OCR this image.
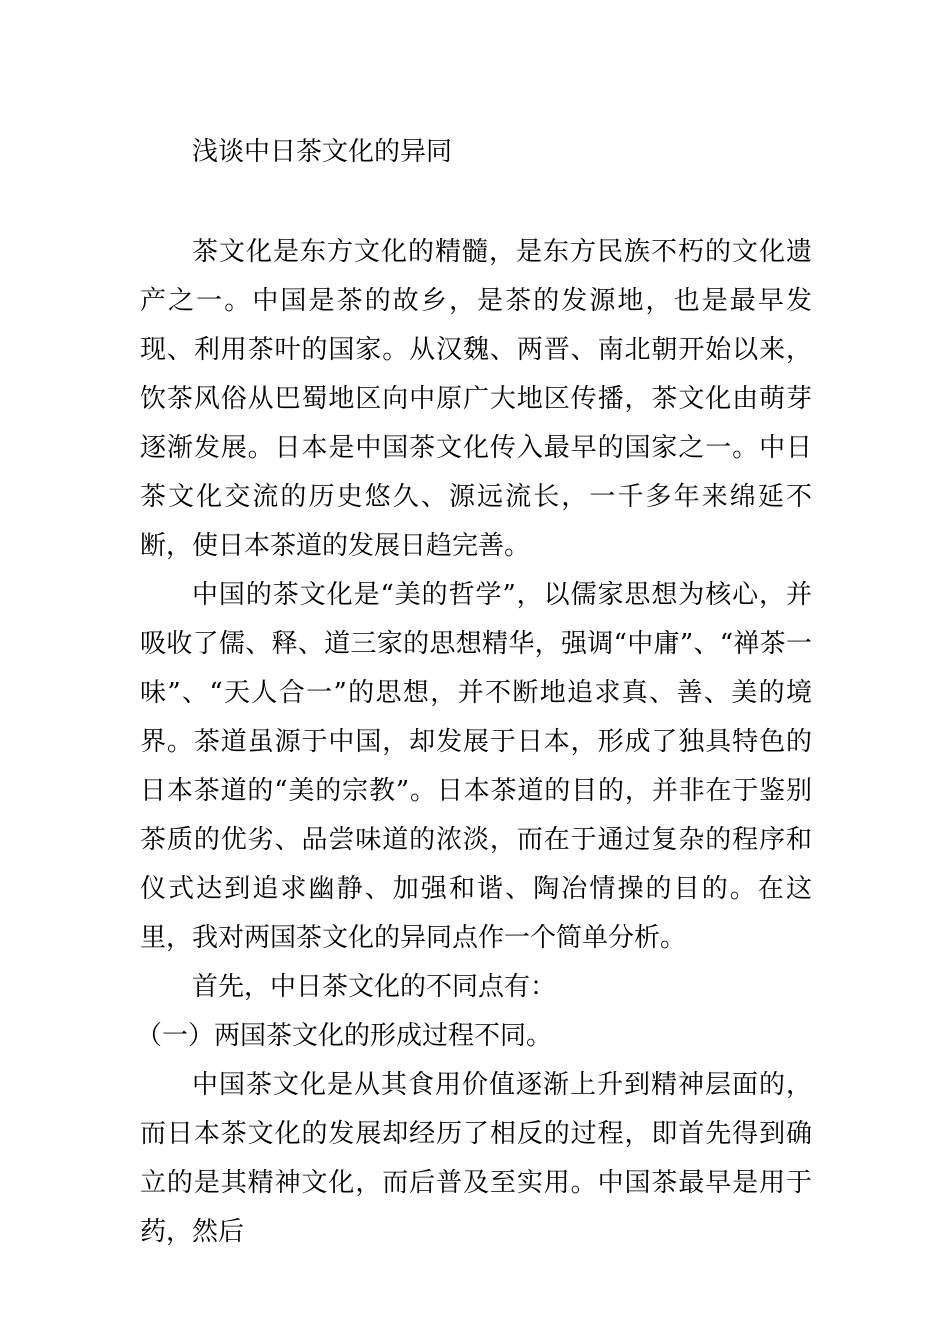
浅谈中日茶文化的异同

茶文化是东方文化的精髓，是东方民族不朽的文化遗产之一。中国是茶的故乡，是茶的发源地，也是最早发现、利用茶叶的国家。从汉魏、两晋、南北朝开始以来，饮茶风俗从巴蜀地区向中原广大地区传播，茶文化由萌芽逐渐发展。日本是中国茶文化传入最早的国家之一。中日茶文化交流的历史悠久、源远流长，一千多年来绵延不断，使日本茶道的发展日趋完善。

中国的茶文化是“美的哲学”，以儒家思想为核心，并吸收了儒、释、道三家的思想精华，强调“中庸”、“禅茶一味”、“天人合一”的思想，并不断地追求真、善、美的境界。茶道虽源于中国，却发展于日本，形成了独具特色的日本茶道的“美的宗教”。日本茶道的目的，并非在于鉴别茶质的优劣、品尝味道的浓淡，而在于通过复杂的程序和仪式达到追求幽静、加强和谐、陶冶情操的目的。在这里，我对两国茶文化的异同点作一个简单分析。

首先，中日茶文化的不同点有：

（一）两国茶文化的形成过程不同。

中国茶文化是从其食用价值逐渐上升到精神层面的，而日本茶文化的发展却经历了相反的过程，即首先得到确立的是其精神文化，而后普及至实用。中国茶最早是用于药，然后
